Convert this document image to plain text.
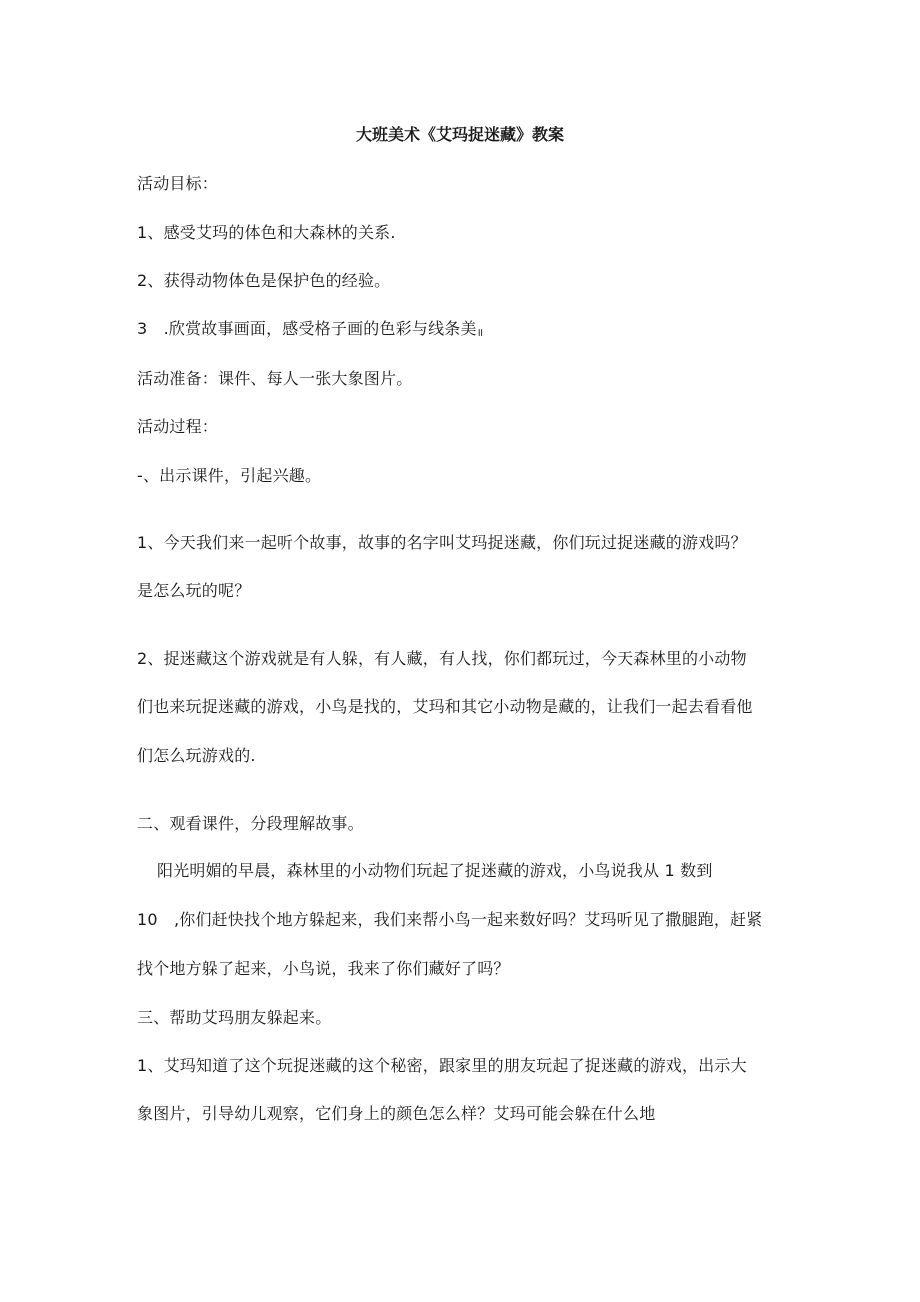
大班美术《艾玛捉迷藏》教案
活动目标：
1、感受艾玛的体色和大森林的关系.
2、获得动物体色是保护色的经验。
3　.欣赏故事画面，感受格子画的色彩与线条美॥
活动准备：课件、每人一张大象图片。
活动过程：
-、出示课件，引起兴趣。
1、今天我们来一起听个故事，故事的名字叫艾玛捉迷藏，你们玩过捉迷藏的游戏吗？
是怎么玩的呢？
2、捉迷藏这个游戏就是有人躲，有人藏，有人找，你们都玩过，今天森林里的小动物
们也来玩捉迷藏的游戏，小鸟是找的，艾玛和其它小动物是藏的，让我们一起去看看他
们怎么玩游戏的.
二、观看课件，分段理解故事。
阳光明媚的早晨，森林里的小动物们玩起了捉迷藏的游戏，小鸟说我从 1 数到
10　,你们赶快找个地方躲起来，我们来帮小鸟一起来数好吗？艾玛听见了撒腿跑，赶紧
找个地方躲了起来，小鸟说，我来了你们藏好了吗？
三、帮助艾玛朋友躲起来。
1、艾玛知道了这个玩捉迷藏的这个秘密，跟家里的朋友玩起了捉迷藏的游戏，出示大
象图片，引导幼儿观察，它们身上的颜色怎么样？艾玛可能会躲在什么地
